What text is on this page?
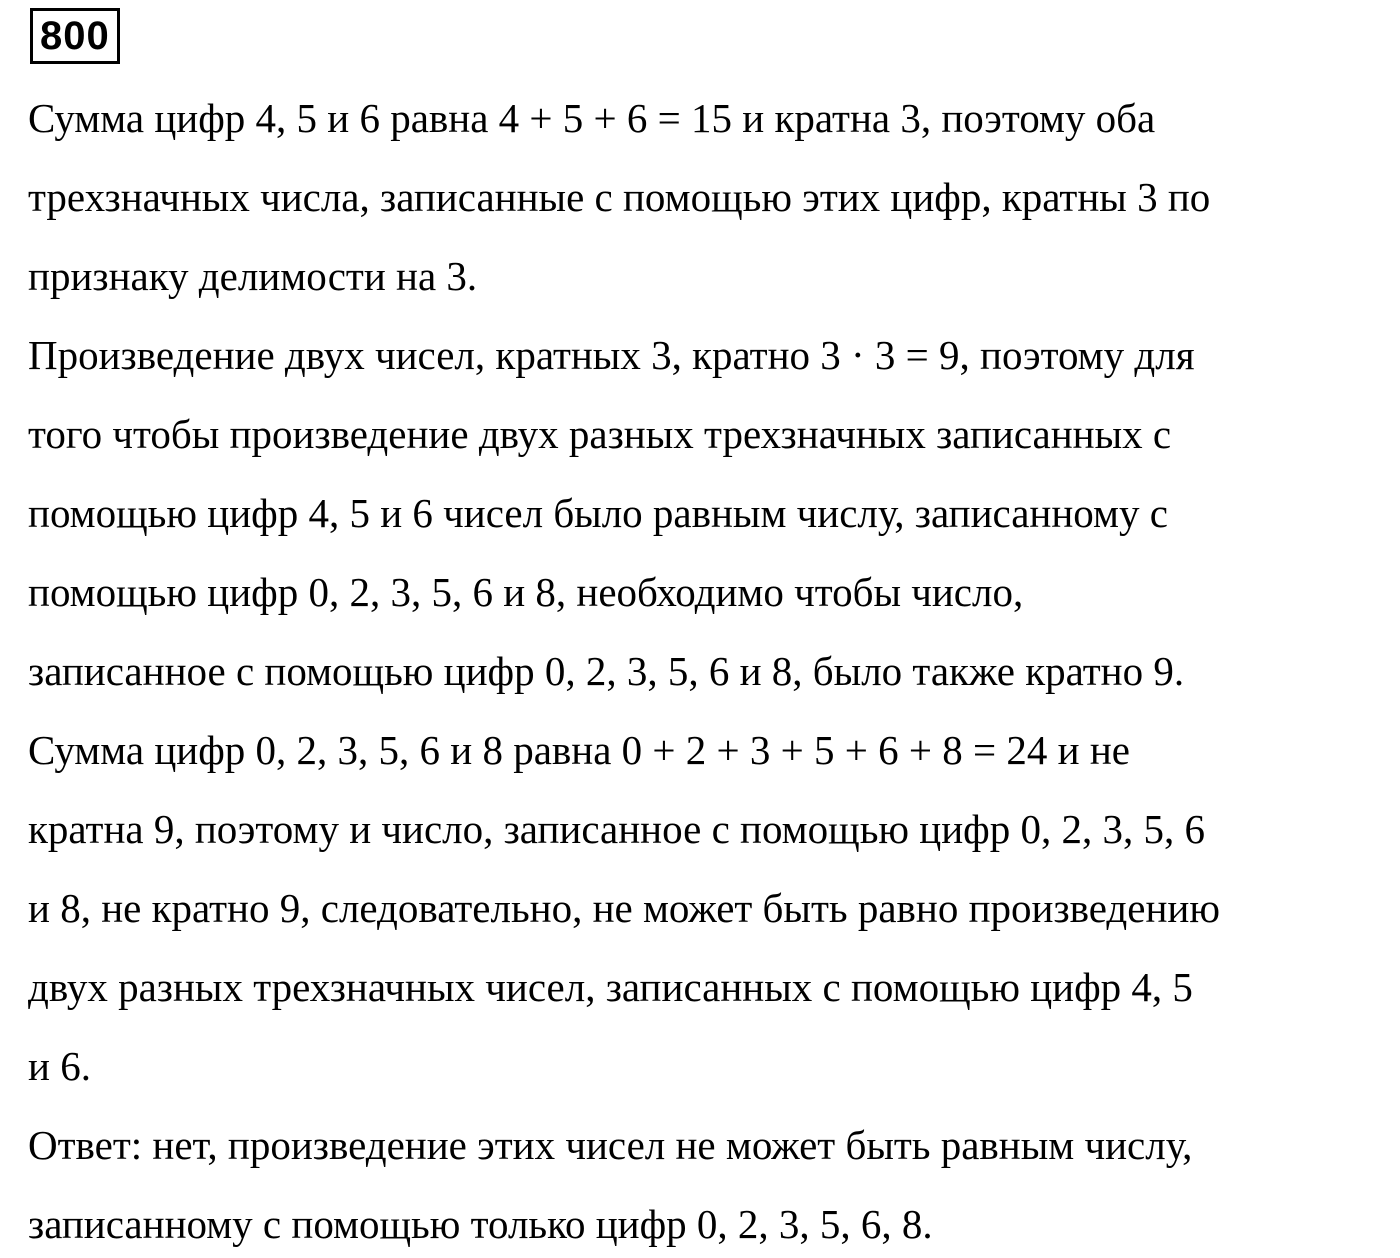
800
Сумма цифр 4, 5 и 6 равна 4 + 5 + 6 = 15 и кратна 3, поэтому оба
трехзначных числа, записанные с помощью этих цифр, кратны 3 по
признаку делимости на 3.
Произведение двух чисел, кратных 3, кратно 3 · 3 = 9, поэтому для
того чтобы произведение двух разных трехзначных записанных с
помощью цифр 4, 5 и 6 чисел было равным числу, записанному с
помощью цифр 0, 2, 3, 5, 6 и 8, необходимо чтобы число,
записанное с помощью цифр 0, 2, 3, 5, 6 и 8, было также кратно 9.
Сумма цифр 0, 2, 3, 5, 6 и 8 равна 0 + 2 + 3 + 5 + 6 + 8 = 24 и не
кратна 9, поэтому и число, записанное с помощью цифр 0, 2, 3, 5, 6
и 8, не кратно 9, следовательно, не может быть равно произведению
двух разных трехзначных чисел, записанных с помощью цифр 4, 5
и 6.
Ответ: нет, произведение этих чисел не может быть равным числу,
записанному с помощью только цифр 0, 2, 3, 5, 6, 8.
